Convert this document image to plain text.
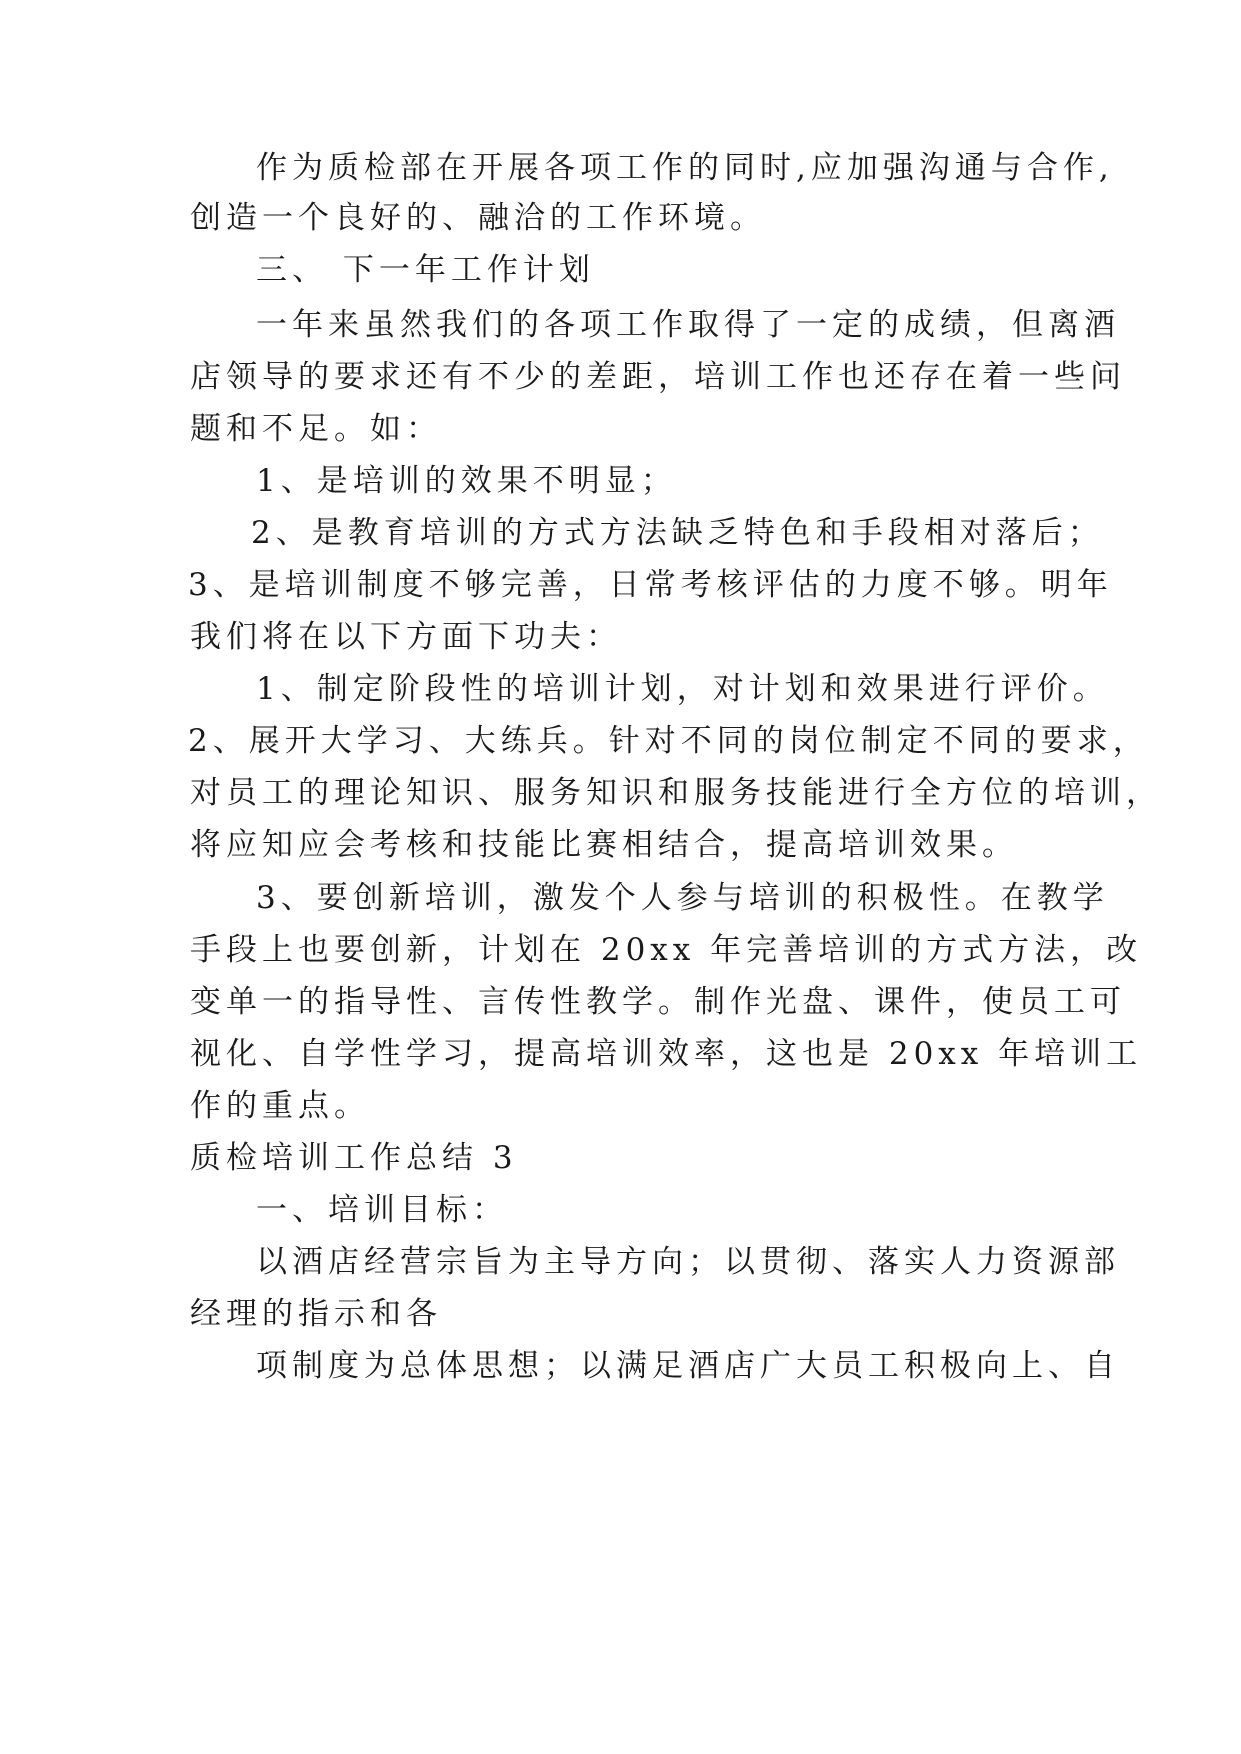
作为质检部在开展各项工作的同时,应加强沟通与合作,
创造一个良好的、融洽的工作环境。
三、 下一年工作计划
一年来虽然我们的各项工作取得了一定的成绩，但离酒
店领导的要求还有不少的差距，培训工作也还存在着一些问
题和不足。如：
1、是培训的效果不明显；
2、是教育培训的方式方法缺乏特色和手段相对落后；
3、是培训制度不够完善，日常考核评估的力度不够。明年
我们将在以下方面下功夫：
1、制定阶段性的培训计划，对计划和效果进行评价。
2、展开大学习、大练兵。针对不同的岗位制定不同的要求，
对员工的理论知识、服务知识和服务技能进行全方位的培训，
将应知应会考核和技能比赛相结合，提高培训效果。
3、要创新培训，激发个人参与培训的积极性。在教学
手段上也要创新，计划在 20xx 年完善培训的方式方法，改
变单一的指导性、言传性教学。制作光盘、课件，使员工可
视化、自学性学习，提高培训效率，这也是 20xx 年培训工
作的重点。
质检培训工作总结 3
一、培训目标：
以酒店经营宗旨为主导方向；以贯彻、落实人力资源部
经理的指示和各
项制度为总体思想；以满足酒店广大员工积极向上、自
